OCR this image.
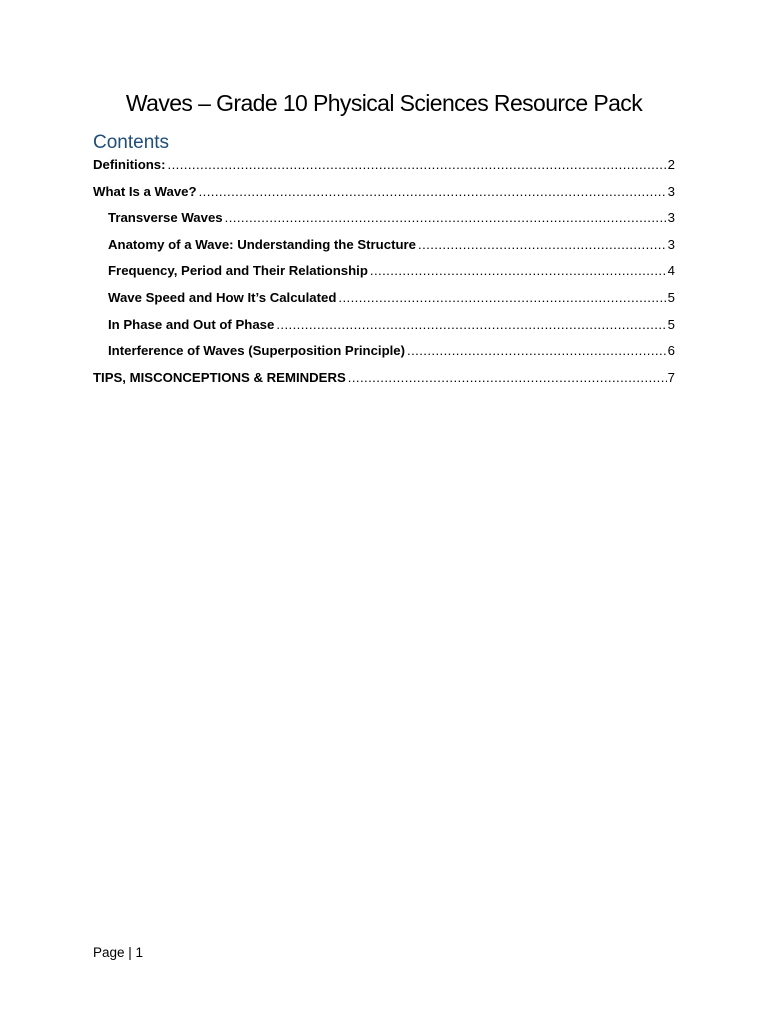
Waves – Grade 10 Physical Sciences Resource Pack
Contents
Definitions: .....	2
What Is a Wave? .....	3
Transverse Waves .....	3
Anatomy of a Wave: Understanding the Structure .....	3
Frequency, Period and Their Relationship .....	4
Wave Speed and How It’s Calculated .....	5
In Phase and Out of Phase .....	5
Interference of Waves (Superposition Principle) .....	6
TIPS, MISCONCEPTIONS & REMINDERS .....	7

Page | 1
